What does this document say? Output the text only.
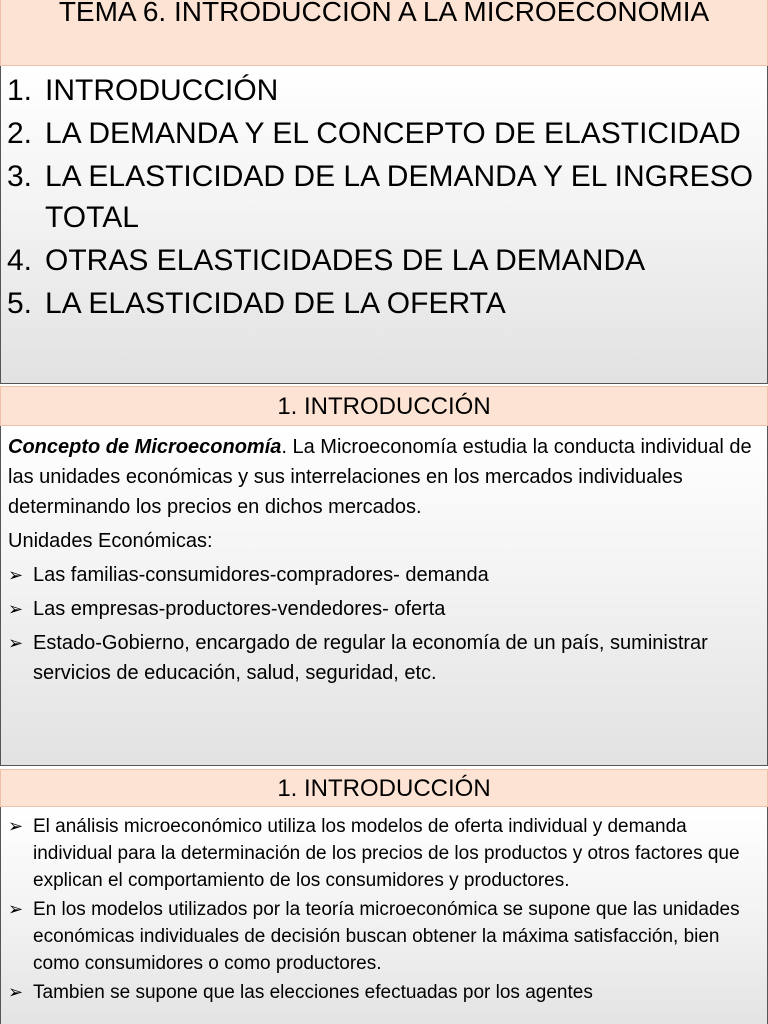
TEMA 6. INTRODUCCION A LA MICROECONOMIA
1. INTRODUCCIÓN
2. LA DEMANDA Y EL CONCEPTO DE ELASTICIDAD
3. LA ELASTICIDAD DE LA DEMANDA Y EL INGRESO TOTAL
4. OTRAS ELASTICIDADES DE LA DEMANDA
5. LA ELASTICIDAD DE LA OFERTA
1. INTRODUCCIÓN

Concepto de Microeconomía. La Microeconomía estudia la conducta individual de las unidades económicas y sus interrelaciones en los mercados individuales determinando los precios en dichos mercados.

Unidades Económicas:

➢ Las familias-consumidores-compradores- demanda
➢ Las empresas-productores-vendedores- oferta
➢ Estado-Gobierno, encargado de regular la economía de un país, suministrar servicios de educación, salud, seguridad, etc.
1. INTRODUCCIÓN
➢ El análisis microeconómico utiliza los modelos de oferta individual y demanda individual para la determinación de los precios de los productos y otros factores que explican el comportamiento de los consumidores y productores.
➢ En los modelos utilizados por la teoría microeconómica se supone que las unidades económicas individuales de decisión buscan obtener la máxima satisfacción, bien como consumidores o como productores.
➢ Tambien se supone que las elecciones efectuadas por los agentes
